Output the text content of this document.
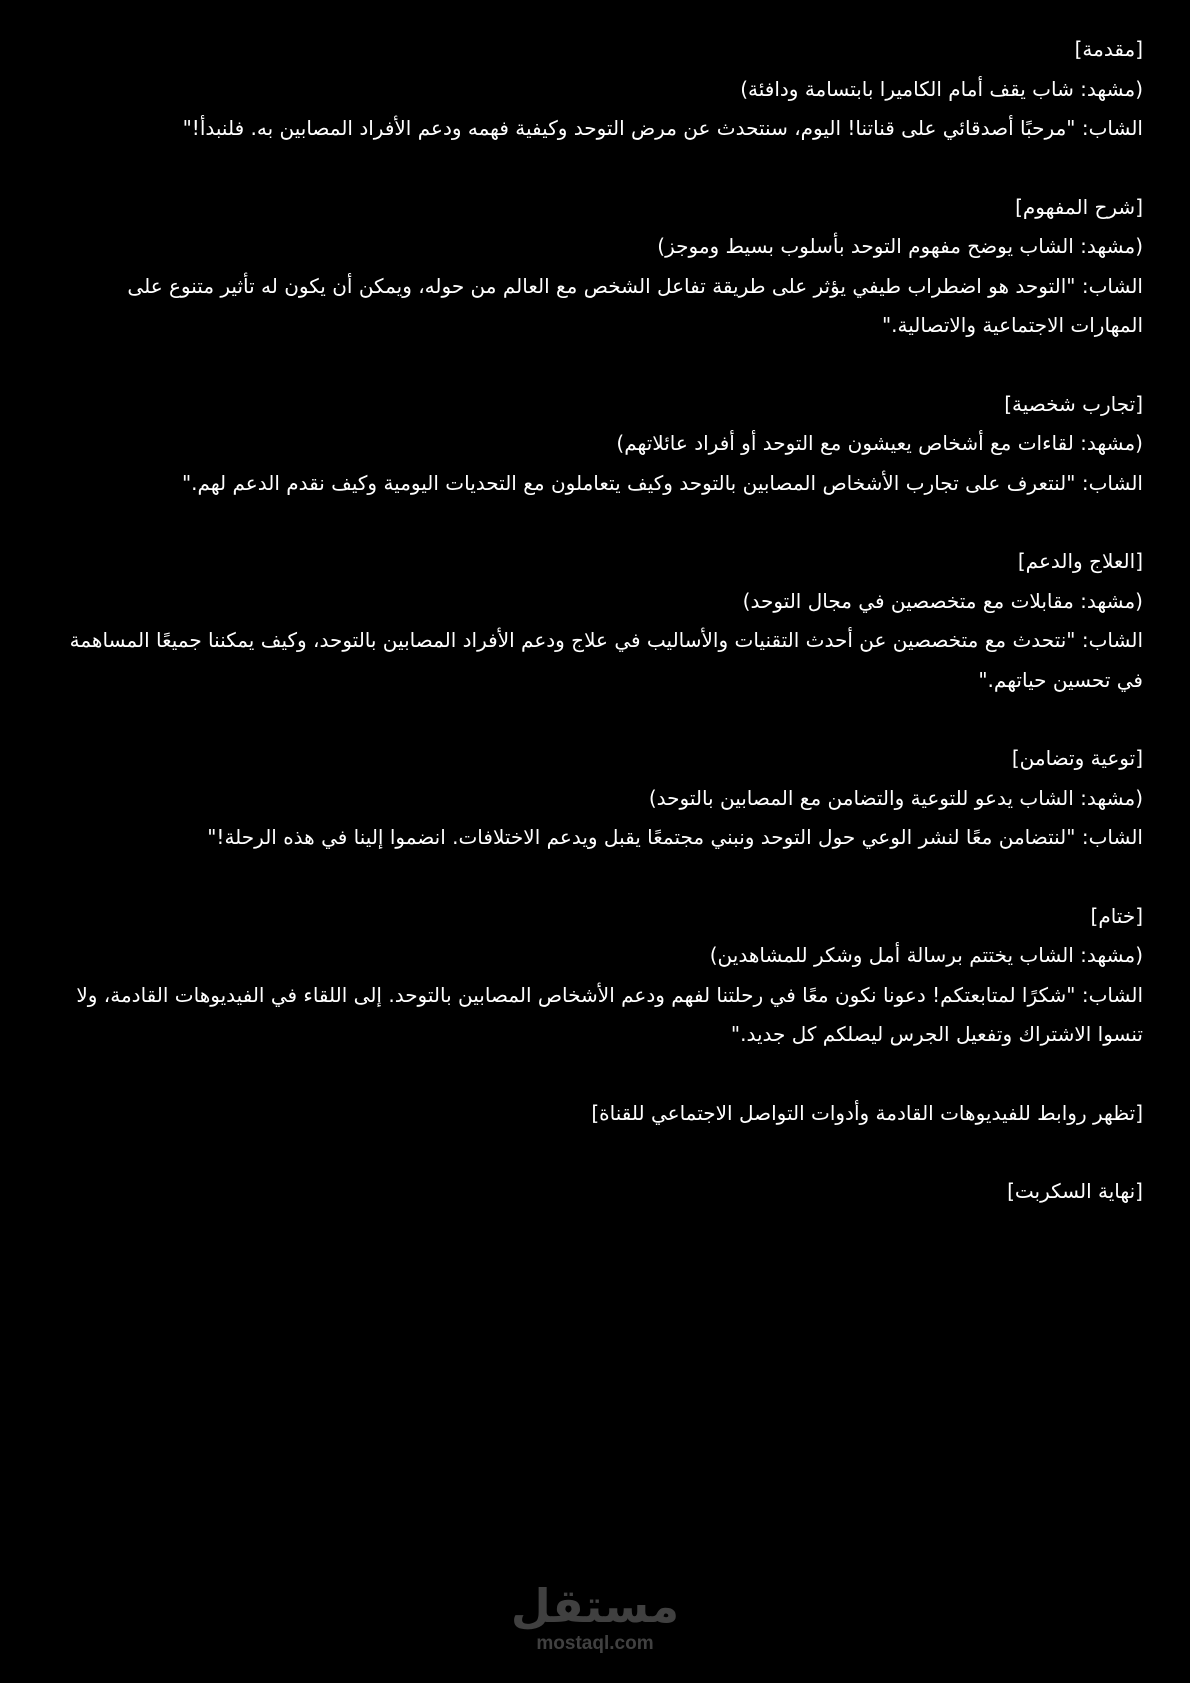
[مقدمة]
(مشهد: شاب يقف أمام الكاميرا بابتسامة ودافئة)
الشاب: "مرحبًا أصدقائي على قناتنا! اليوم، سنتحدث عن مرض التوحد وكيفية فهمه ودعم الأفراد المصابين به. فلنبدأ!"
[شرح المفهوم]
(مشهد: الشاب يوضح مفهوم التوحد بأسلوب بسيط وموجز)
الشاب: "التوحد هو اضطراب طيفي يؤثر على طريقة تفاعل الشخص مع العالم من حوله، ويمكن أن يكون له تأثير متنوع على المهارات الاجتماعية والاتصالية."
[تجارب شخصية]
(مشهد: لقاءات مع أشخاص يعيشون مع التوحد أو أفراد عائلاتهم)
الشاب: "لنتعرف على تجارب الأشخاص المصابين بالتوحد وكيف يتعاملون مع التحديات اليومية وكيف نقدم الدعم لهم."
[العلاج والدعم]
(مشهد: مقابلات مع متخصصين في مجال التوحد)
الشاب: "نتحدث مع متخصصين عن أحدث التقنيات والأساليب في علاج ودعم الأفراد المصابين بالتوحد، وكيف يمكننا جميعًا المساهمة في تحسين حياتهم."
[توعية وتضامن]
(مشهد: الشاب يدعو للتوعية والتضامن مع المصابين بالتوحد)
الشاب: "لنتضامن معًا لنشر الوعي حول التوحد ونبني مجتمعًا يقبل ويدعم الاختلافات. انضموا إلينا في هذه الرحلة!"
[ختام]
(مشهد: الشاب يختتم برسالة أمل وشكر للمشاهدين)
الشاب: "شكرًا لمتابعتكم! دعونا نكون معًا في رحلتنا لفهم ودعم الأشخاص المصابين بالتوحد. إلى اللقاء في الفيديوهات القادمة، ولا تنسوا الاشتراك وتفعيل الجرس ليصلكم كل جديد."
[تظهر روابط للفيديوهات القادمة وأدوات التواصل الاجتماعي للقناة]
[نهاية السكربت]
مستقل
mostaql.com
